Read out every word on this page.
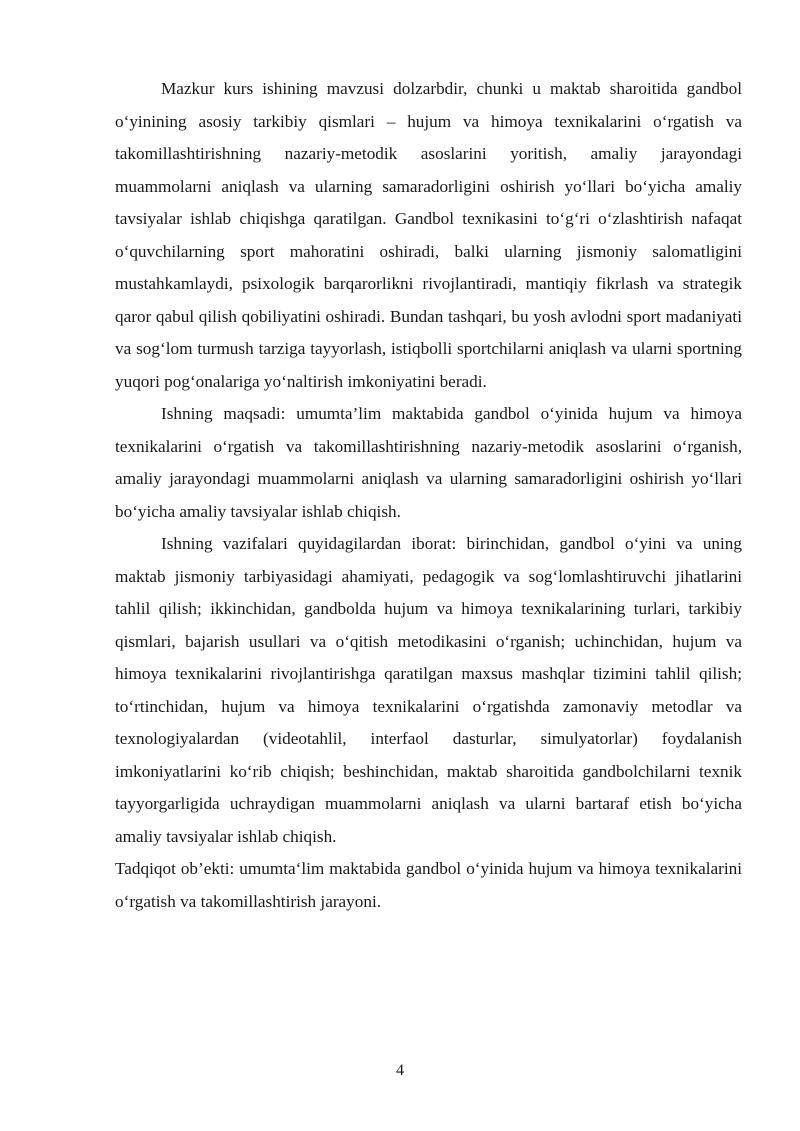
Mazkur kurs ishining mavzusi dolzarbdir, chunki u maktab sharoitida gandbol o‘yinining asosiy tarkibiy qismlari – hujum va himoya texnikalarini o‘rgatish va takomillashtirishning nazariy-metodik asoslarini yoritish, amaliy jarayondagi muammolarni aniqlash va ularning samaradorligini oshirish yo‘llari bo‘yicha amaliy tavsiyalar ishlab chiqishga qaratilgan. Gandbol texnikasini to‘g‘ri o‘zlashtirish nafaqat o‘quvchilarning sport mahoratini oshiradi, balki ularning jismoniy salomatligini mustahkamlaydi, psixologik barqarorlikni rivojlantiradi, mantiqiy fikrlash va strategik qaror qabul qilish qobiliyatini oshiradi. Bundan tashqari, bu yosh avlodni sport madaniyati va sog‘lom turmush tarziga tayyorlash, istiqbolli sportchilarni aniqlash va ularni sportning yuqori pog‘onalariga yo‘naltirish imkoniyatini beradi.

Ishning maqsadi: umumta’lim maktabida gandbol o‘yinida hujum va himoya texnikalarini o‘rgatish va takomillashtirishning nazariy-metodik asoslarini o‘rganish, amaliy jarayondagi muammolarni aniqlash va ularning samaradorligini oshirish yo‘llari bo‘yicha amaliy tavsiyalar ishlab chiqish.

Ishning vazifalari quyidagilardan iborat: birinchidan, gandbol o‘yini va uning maktab jismoniy tarbiyasidagi ahamiyati, pedagogik va sog‘lomlashtiruvchi jihatlarini tahlil qilish; ikkinchidan, gandbolda hujum va himoya texnikalarining turlari, tarkibiy qismlari, bajarish usullari va o‘qitish metodikasini o‘rganish; uchinchidan, hujum va himoya texnikalarini rivojlantirishga qaratilgan maxsus mashqlar tizimini tahlil qilish; to‘rtinchidan, hujum va himoya texnikalarini o‘rgatishda zamonaviy metodlar va texnologiyalardan (videotahlil, interfaol dasturlar, simulyatorlar) foydalanish imkoniyatlarini ko‘rib chiqish; beshinchidan, maktab sharoitida gandbolchilarni texnik tayyorgarligida uchraydigan muammolarni aniqlash va ularni bartaraf etish bo‘yicha amaliy tavsiyalar ishlab chiqish.

Tadqiqot ob’ekti: umumta‘lim maktabida gandbol o‘yinida hujum va himoya texnikalarini o‘rgatish va takomillashtirish jarayoni.

4
